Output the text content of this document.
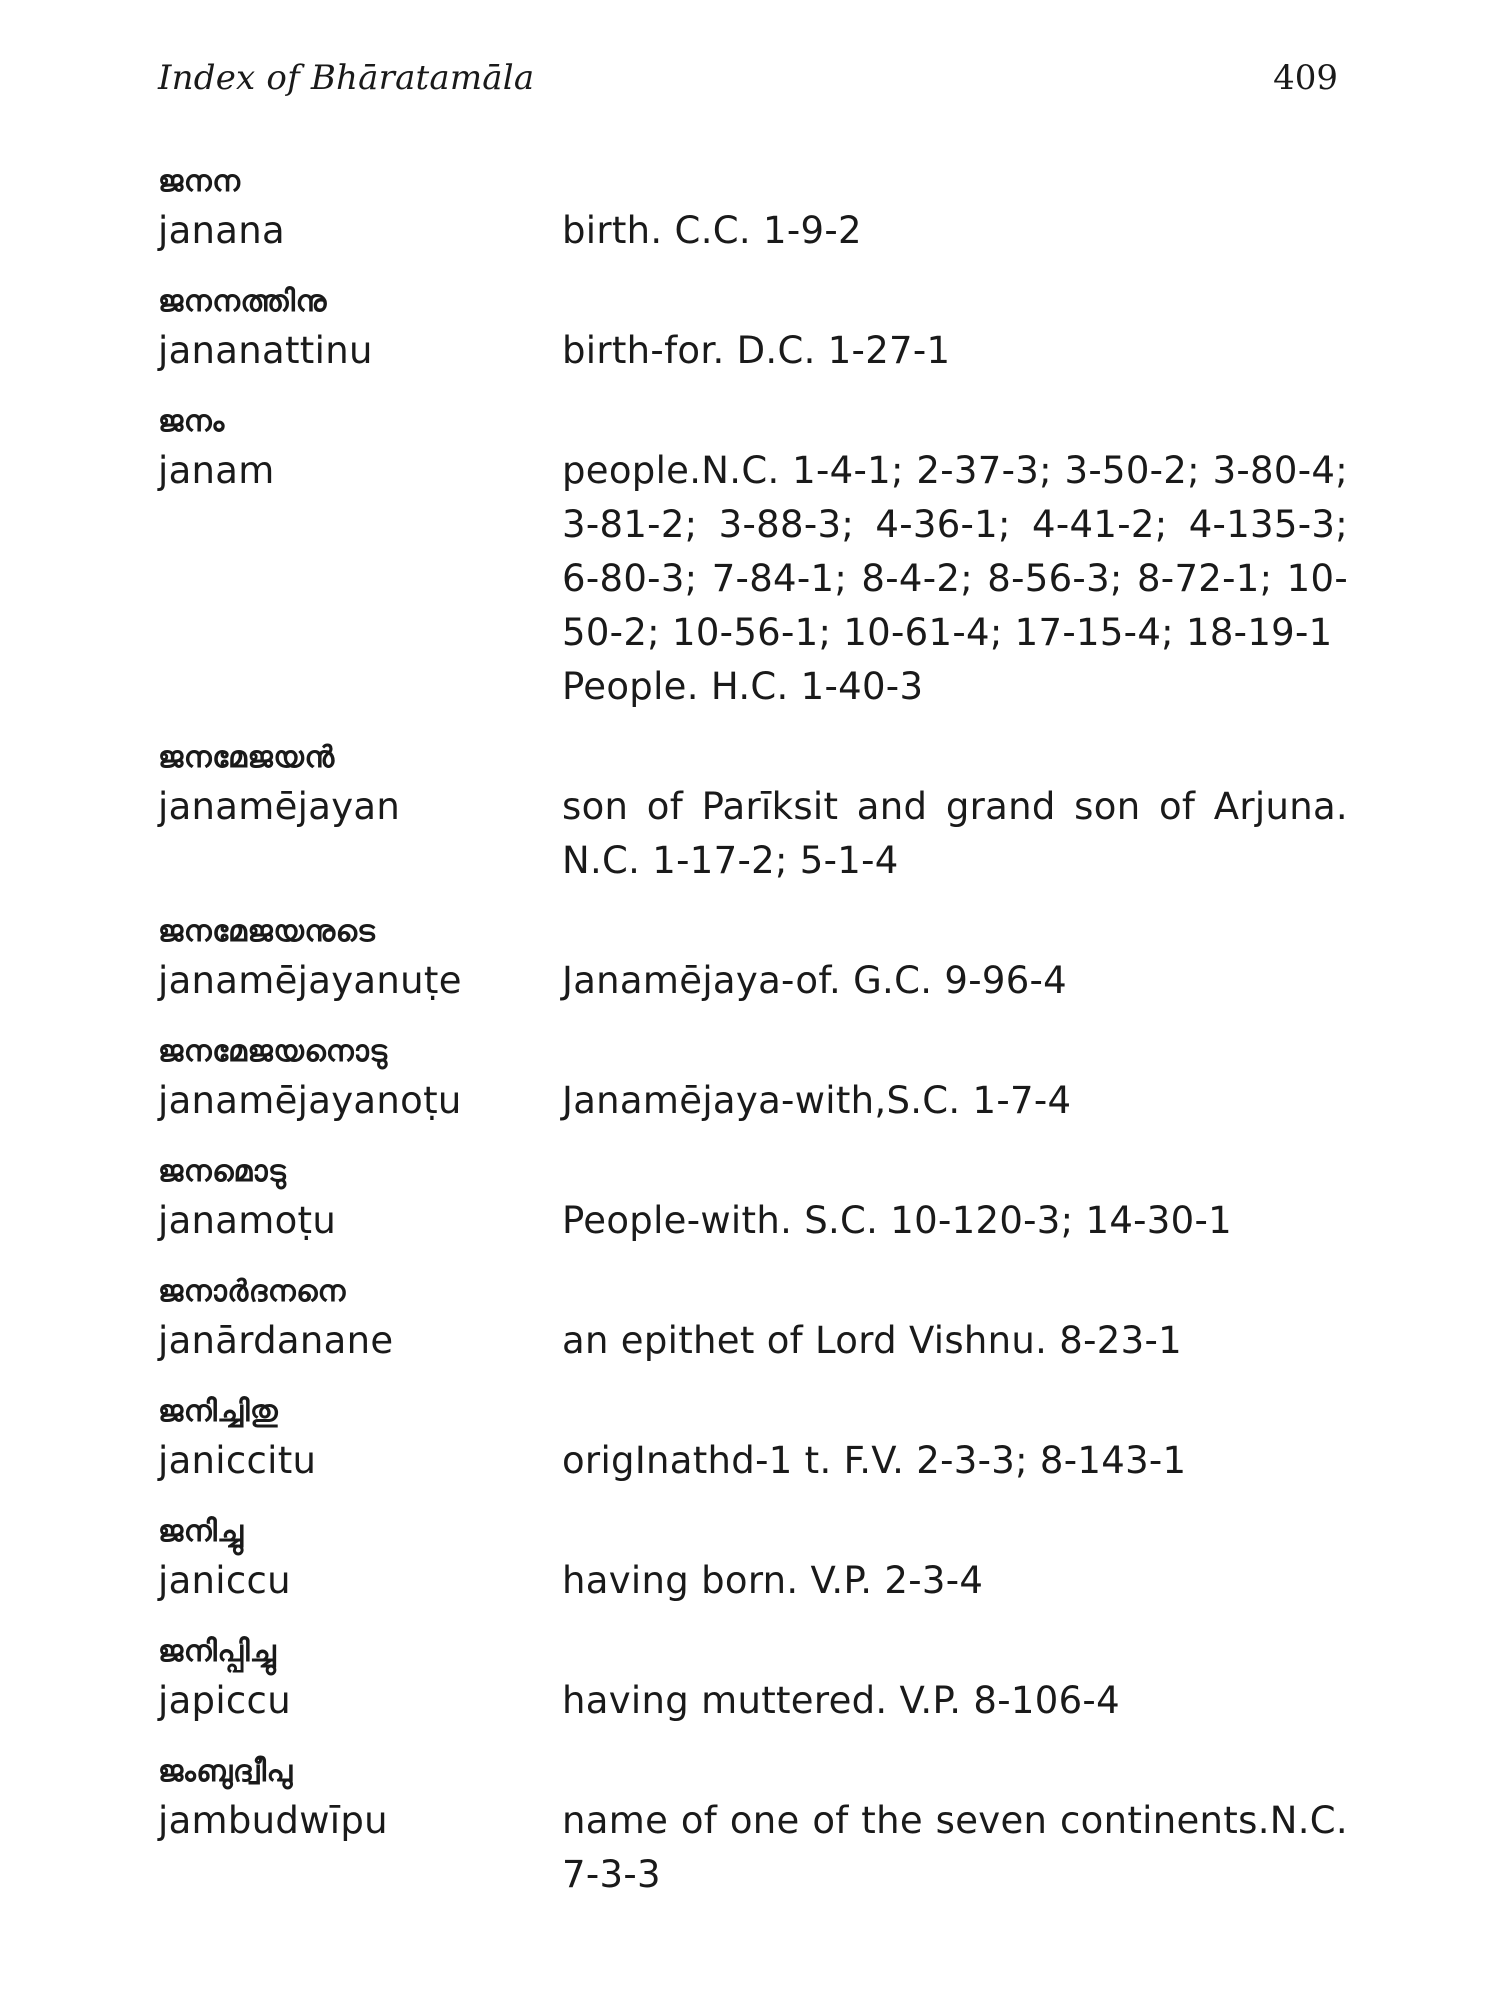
Index of Bhāratamāla	409
ജനന
janana	birth. C.C. 1-9-2
ജനനത്തിനു
jananattinu	birth-for. D.C. 1-27-1
ജനം
janam	people.N.C. 1-4-1; 2-37-3; 3-50-2; 3-80-4; 3-81-2; 3-88-3; 4-36-1; 4-41-2; 4-135-3; 6-80-3; 7-84-1; 8-4-2; 8-56-3; 8-72-1; 10-50-2; 10-56-1; 10-61-4; 17-15-4; 18-19-1
People. H.C. 1-40-3
ജനമേജയൻ
janamējayan	son of Parīksit and grand son of Arjuna. N.C. 1-17-2; 5-1-4
ജനമേജയനുടെ
janamējayanuṭe	Janamējaya-of. G.C. 9-96-4
ജനമേജയനൊടു
janamējayanoṭu	Janamējaya-with,S.C. 1-7-4
ജനമൊടു
janamoṭu	People-with. S.C. 10-120-3; 14-30-1
ജനാർദനനെ
janārdanane	an epithet of Lord Vishnu. 8-23-1
ജനിച്ചിതു
janiccitu	origInathd-1 t. F.V. 2-3-3; 8-143-1
ജനിച്ചു
janiccu	having born. V.P. 2-3-4
ജനിപ്പിച്ചു
japiccu	having muttered. V.P. 8-106-4
ജംബുദ്വീപു
jambudwīpu	name of one of the seven continents.N.C. 7-3-3
